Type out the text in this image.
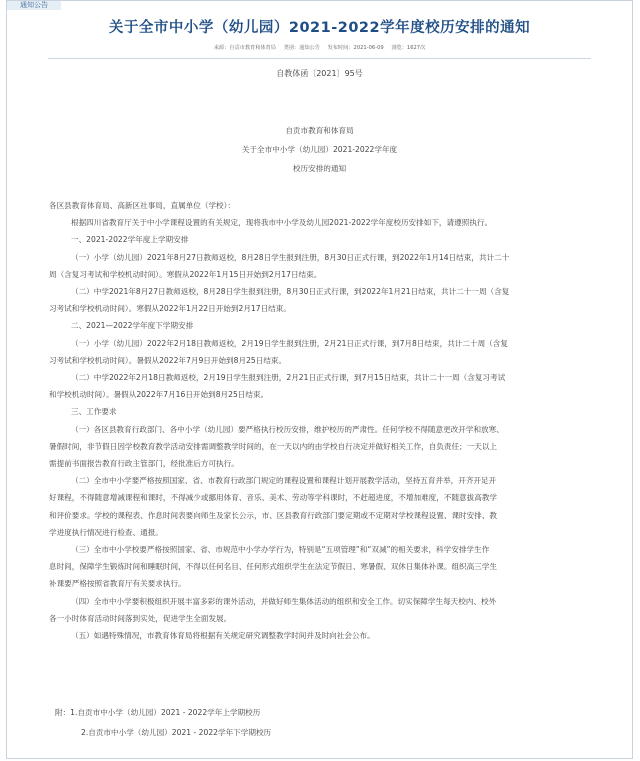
通知公告
关于全市中小学（幼儿园）2021-2022学年度校历安排的通知
来源：自贡市教育和体育局 类别：通知公告 发布时间：2021-06-09 浏览：1627次
自教体函〔2021〕95号
自贡市教育和体育局
关于全市中小学（幼儿园）2021-2022学年度
校历安排的通知

各区县教育体育局、高新区社事局，直属单位（学校）：

根据四川省教育厅关于中小学课程设置的有关规定，现将我市中小学及幼儿园2021-2022学年度校历安排如下，请遵照执行。

一、2021-2022学年度上学期安排

（一）小学（幼儿园）2021年8月27日教师返校，8月28日学生报到注册，8月30日正式行课，到2022年1月14日结束，共计二十

周（含复习考试和学校机动时间）。寒假从2022年1月15日开始到2月17日结束。

（二）中学2021年8月27日教师返校，8月28日学生报到注册，8月30日正式行课，到2022年1月21日结束，共计二十一周（含复

习考试和学校机动时间）。寒假从2022年1月22日开始到2月17日结束。

二、2021—2022学年度下学期安排

（一）小学（幼儿园）2022年2月18日教师返校，2月19日学生报到注册，2月21日正式行课，到7月8日结束，共计二十周（含复

习考试和学校机动时间）。暑假从2022年7月9日开始到8月25日结束。

（二）中学2022年2月18日教师返校，2月19日学生报到注册，2月21日正式行课，到7月15日结束，共计二十一周（含复习考试

和学校机动时间）。暑假从2022年7月16日开始到8月25日结束。

三、工作要求

（一）各区县教育行政部门、各中小学（幼儿园）要严格执行校历安排，维护校历的严肃性。任何学校不得随意更改开学和放寒、

暑假时间，非节假日因学校教育教学活动安排需调整教学时间的，在一天以内的由学校自行决定并做好相关工作，自负责任；一天以上

需提前书面报告教育行政主管部门，经批准后方可执行。

（二）全市中小学要严格按照国家、省、市教育行政部门规定的课程设置和课程计划开展教学活动，坚持五育并举，开齐开足开

好课程，不得随意增减课程和课时，不得减少或挪用体育、音乐、美术、劳动等学科课时，不赶超进度，不增加难度，不随意拔高教学

和评价要求。学校的课程表、作息时间表要向师生及家长公示，市、区县教育行政部门要定期或不定期对学校课程设置、课时安排、教

学进度执行情况进行检查、通报。

（三）全市中小学校要严格按照国家、省、市规范中小学办学行为，特别是“五项管理”和“双减”的相关要求，科学安排学生作

息时间，保障学生锻炼时间和睡眠时间，不得以任何名目、任何形式组织学生在法定节假日、寒暑假、双休日集体补课。组织高三学生

补课要严格按照省教育厅有关要求执行。

（四）全市中小学要积极组织开展丰富多彩的课外活动，并做好师生集体活动的组织和安全工作。切实保障学生每天校内、校外

各一小时体育活动时间落到实处，促进学生全面发展。

（五）如遇特殊情况，市教育体育局将根据有关规定研究调整教学时间并及时向社会公布。

附：1.自贡市中小学（幼儿园）2021 - 2022学年上学期校历

2.自贡市中小学（幼儿园）2021 - 2022学年下学期校历
